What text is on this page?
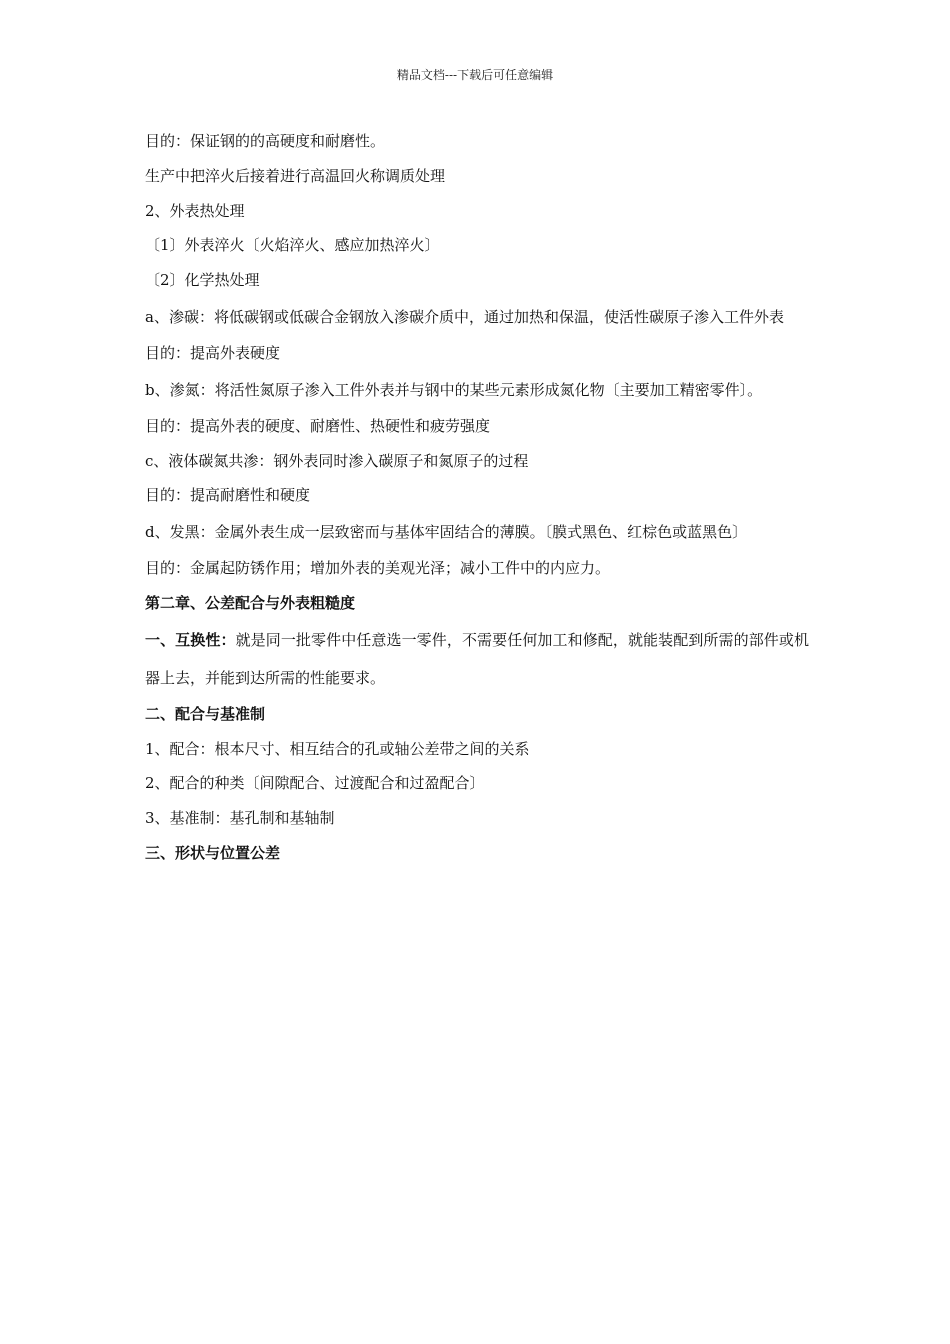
精品文档---下载后可任意编辑
目的：保证钢的的高硬度和耐磨性。
生产中把淬火后接着进行高温回火称调质处理
2、外表热处理
〔1〕外表淬火〔火焰淬火、感应加热淬火〕
〔2〕化学热处理
a、渗碳：将低碳钢或低碳合金钢放入渗碳介质中，通过加热和保温，使活性碳原子渗入工件外表
目的：提高外表硬度
b、渗氮：将活性氮原子渗入工件外表并与钢中的某些元素形成氮化物〔主要加工精密零件〕。
目的：提高外表的硬度、耐磨性、热硬性和疲劳强度
c、液体碳氮共渗：钢外表同时渗入碳原子和氮原子的过程
目的：提高耐磨性和硬度
d、发黑：金属外表生成一层致密而与基体牢固结合的薄膜。〔膜式黑色、红棕色或蓝黑色〕
目的：金属起防锈作用；增加外表的美观光泽；减小工件中的内应力。
第二章、公差配合与外表粗糙度
一、互换性：就是同一批零件中任意选一零件，不需要任何加工和修配，就能装配到所需的部件或机器上去，并能到达所需的性能要求。
二、配合与基准制
1、配合：根本尺寸、相互结合的孔或轴公差带之间的关系
2、配合的种类〔间隙配合、过渡配合和过盈配合〕
3、基准制：基孔制和基轴制
三、形状与位置公差
